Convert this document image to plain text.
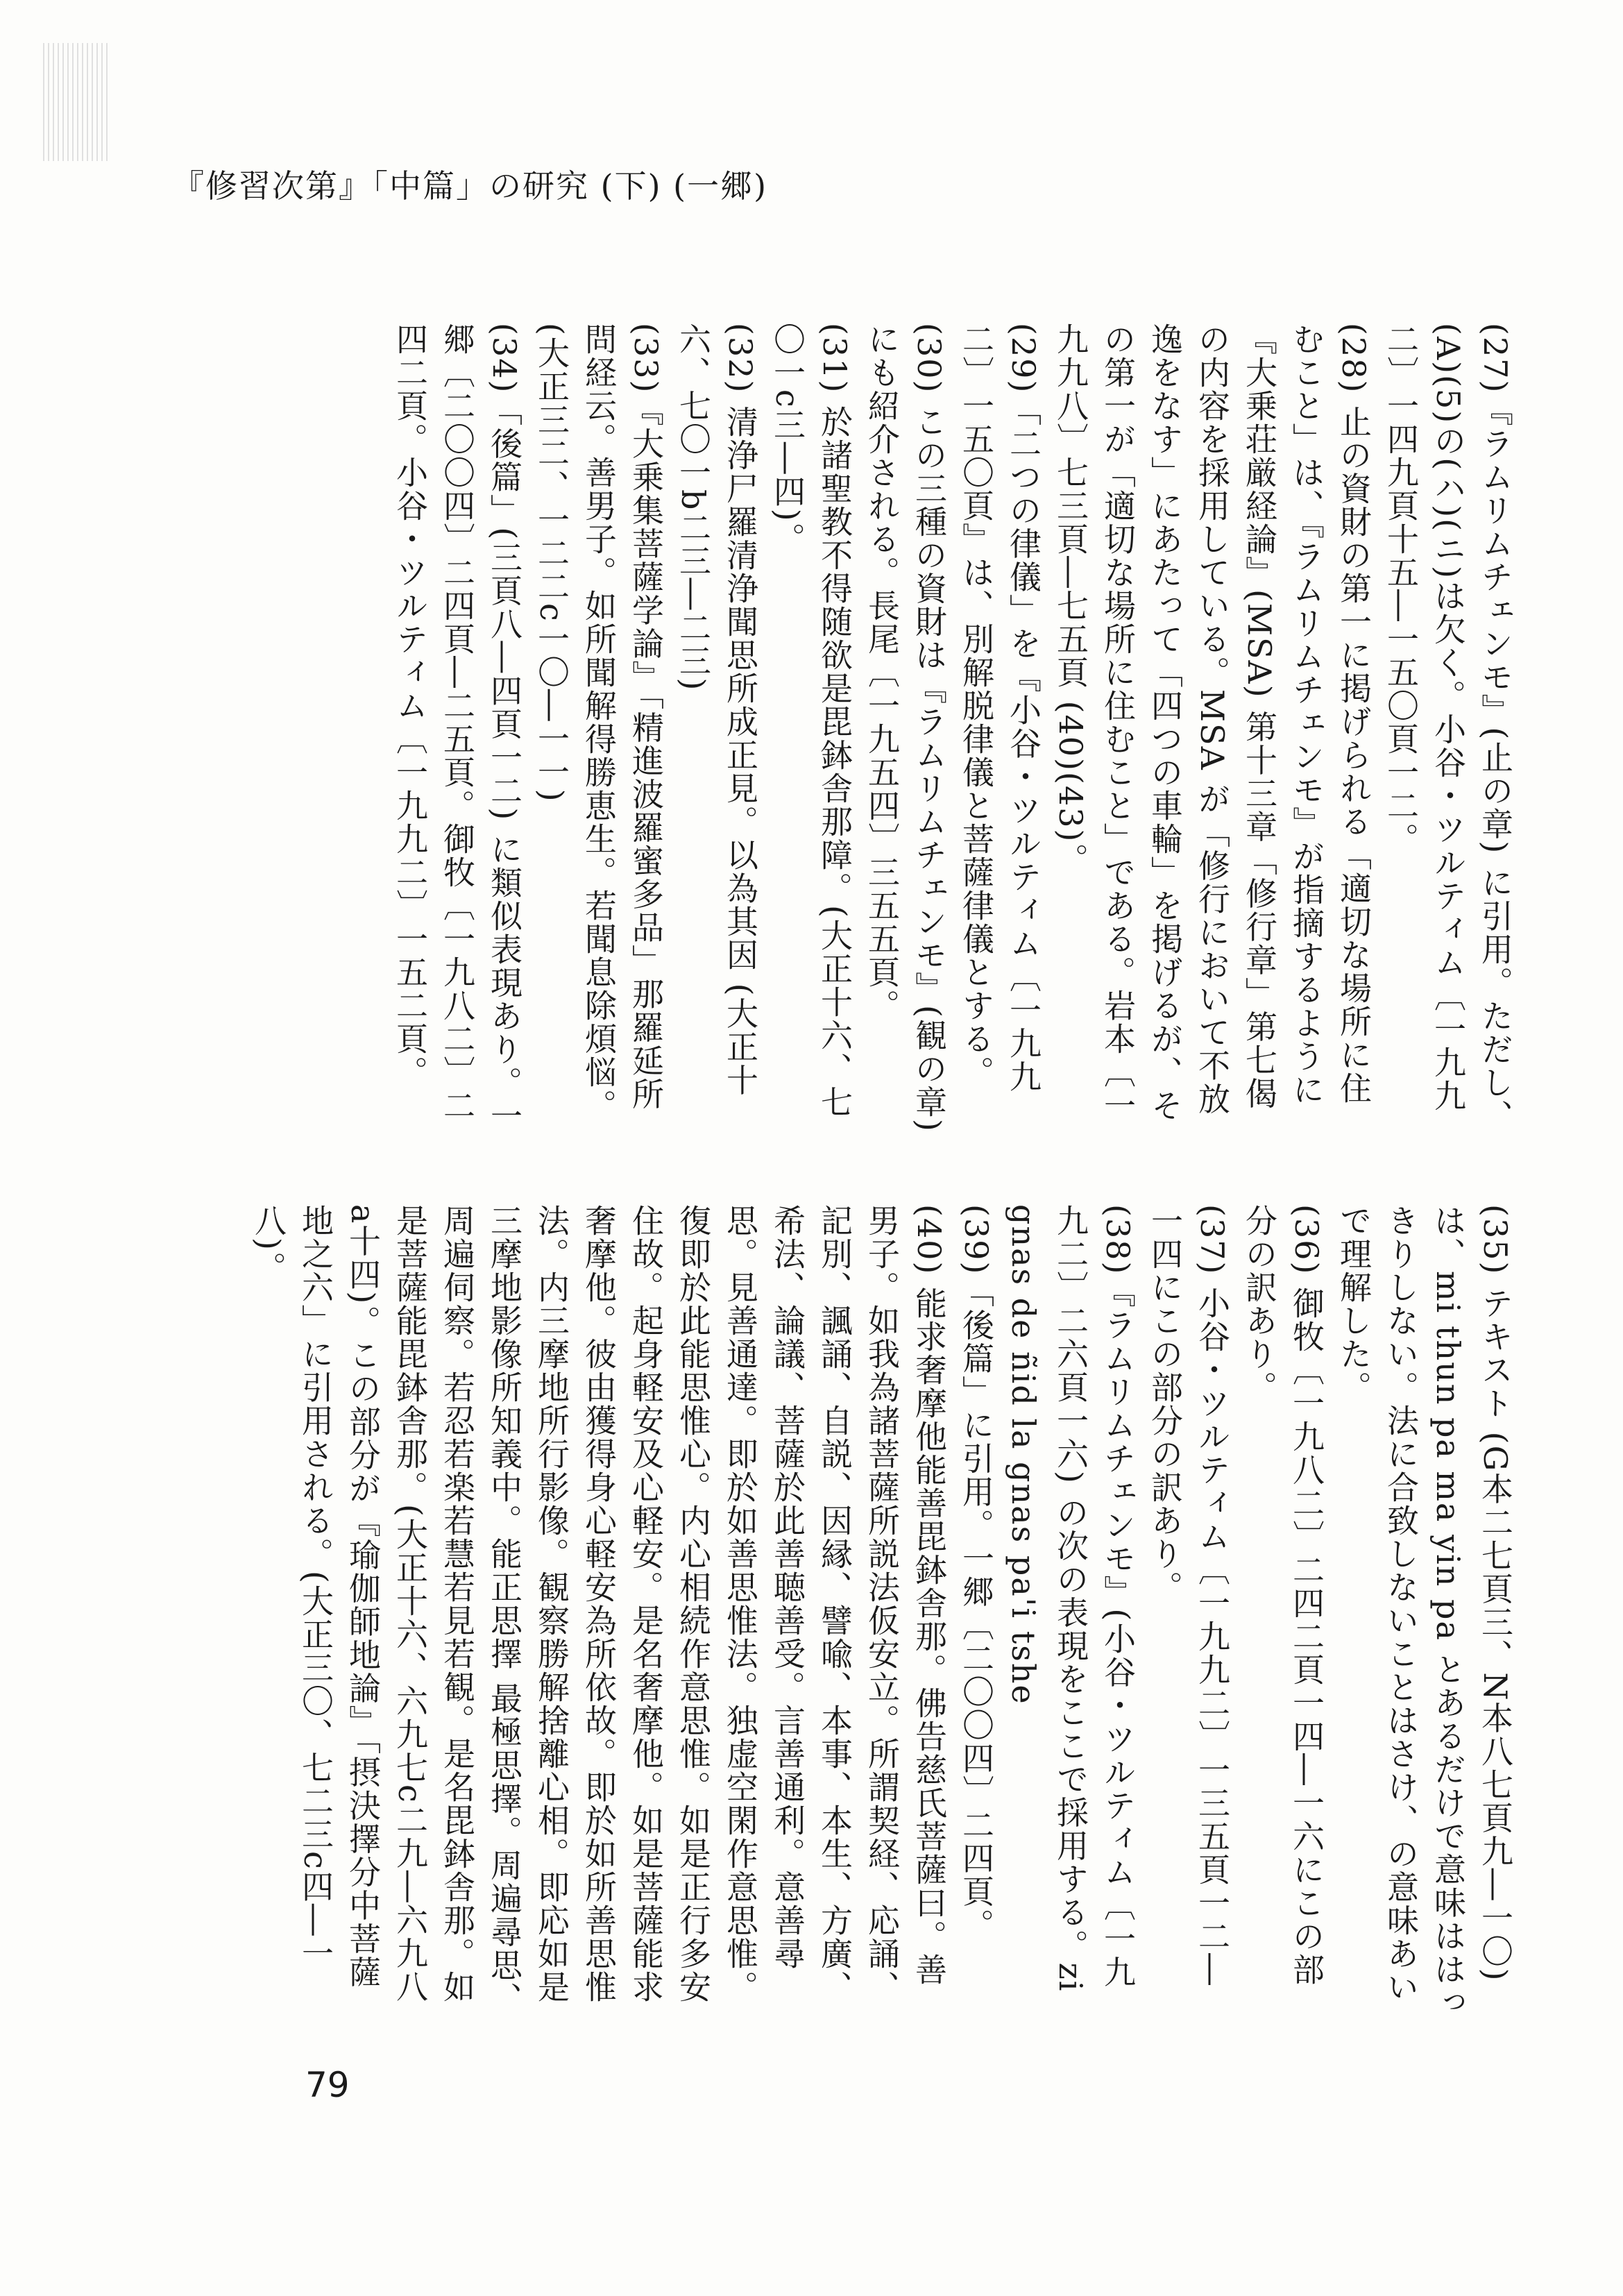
『修習次第』「中篇」の研究 (下) (一郷)

(27)『ラムリムチェンモ』(止の章) に引用。ただし、(A)(5)の(ハ)(ニ)は欠く。小谷・ツルティム〔一九九二〕一四九頁十五―一五〇頁一二。

(28) 止の資財の第一に掲げられる「適切な場所に住むこと」は、『ラムリムチェンモ』が指摘するように『大乗荘厳経論』(MSA) 第十三章「修行章」第七偈の内容を採用している。MSA が「修行において不放逸をなす」にあたって「四つの車輪」を掲げるが、その第一が「適切な場所に住むこと」である。岩本〔一九九八〕七三頁―七五頁 (40)(43)。

(29)「二つの律儀」を『小谷・ツルティム〔一九九二〕一五〇頁』は、別解脱律儀と菩薩律儀とする。

(30) この三種の資財は『ラムリムチェンモ』(観の章) にも紹介される。長尾〔一九五四〕三五五頁。

(31) 於諸聖教不得随欲是毘鉢舎那障。(大正十六、七〇一c三―四)。

(32) 清浄尸羅清浄聞思所成正見。以為其因 (大正十六、七〇一b二三―二三)

(33)『大乗集菩薩学論』「精進波羅蜜多品」那羅延所問経云。善男子。如所聞解得勝恵生。若聞息除煩悩。(大正三二、一二二c一〇―一一)

(34)「後篇」(三頁八―四頁一二) に類似表現あり。一郷〔二〇〇四〕二四頁―二五頁。御牧〔一九八二〕二四二頁。小谷・ツルティム〔一九九二〕一五二頁。

(35) テキスト (G本二七頁三、N本八七頁九―一〇) は、mi thun pa ma yin pa とあるだけで意味ははっきりしない。法に合致しないことはさけ、の意味あいで理解した。

(36) 御牧〔一九八二〕二四二頁一四―一六にこの部分の訳あり。

(37) 小谷・ツルティム〔一九九二〕一三五頁一二―一四にこの部分の訳あり。

(38)『ラムリムチェンモ』(小谷・ツルティム〔一九九二〕二六頁一六) の次の表現をここで採用する。zi gnas de ñid la gnas pa'i tshe

(39)「後篇」に引用。一郷〔二〇〇四〕二四頁。

(40) 能求奢摩他能善毘鉢舎那。佛告慈氏菩薩曰。善男子。如我為諸菩薩所説法仮安立。所謂契経、応誦、記別、諷誦、自説、因縁、譬喩、本事、本生、方廣、希法、論議、菩薩於此善聴善受。言善通利。意善尋思。見善通達。即於如善思惟法。独虚空閑作意思惟。復即於此能思惟心。内心相続作意思惟。如是正行多安住故。起身軽安及心軽安。是名奢摩他。如是菩薩能求奢摩他。彼由獲得身心軽安為所依故。即於如所善思惟法。内三摩地所行影像。観察勝解捨離心相。即応如是三摩地影像所知義中。能正思擇 最極思擇。周遍尋思、周遍伺察。若忍若楽若慧若見若観。是名毘鉢舎那。如是菩薩能毘鉢舎那。(大正十六、六九七c二九―六九八a十四)。この部分が『瑜伽師地論』「摂決擇分中菩薩地之六」に引用される。(大正三〇、七二三c四―一八)。

79
